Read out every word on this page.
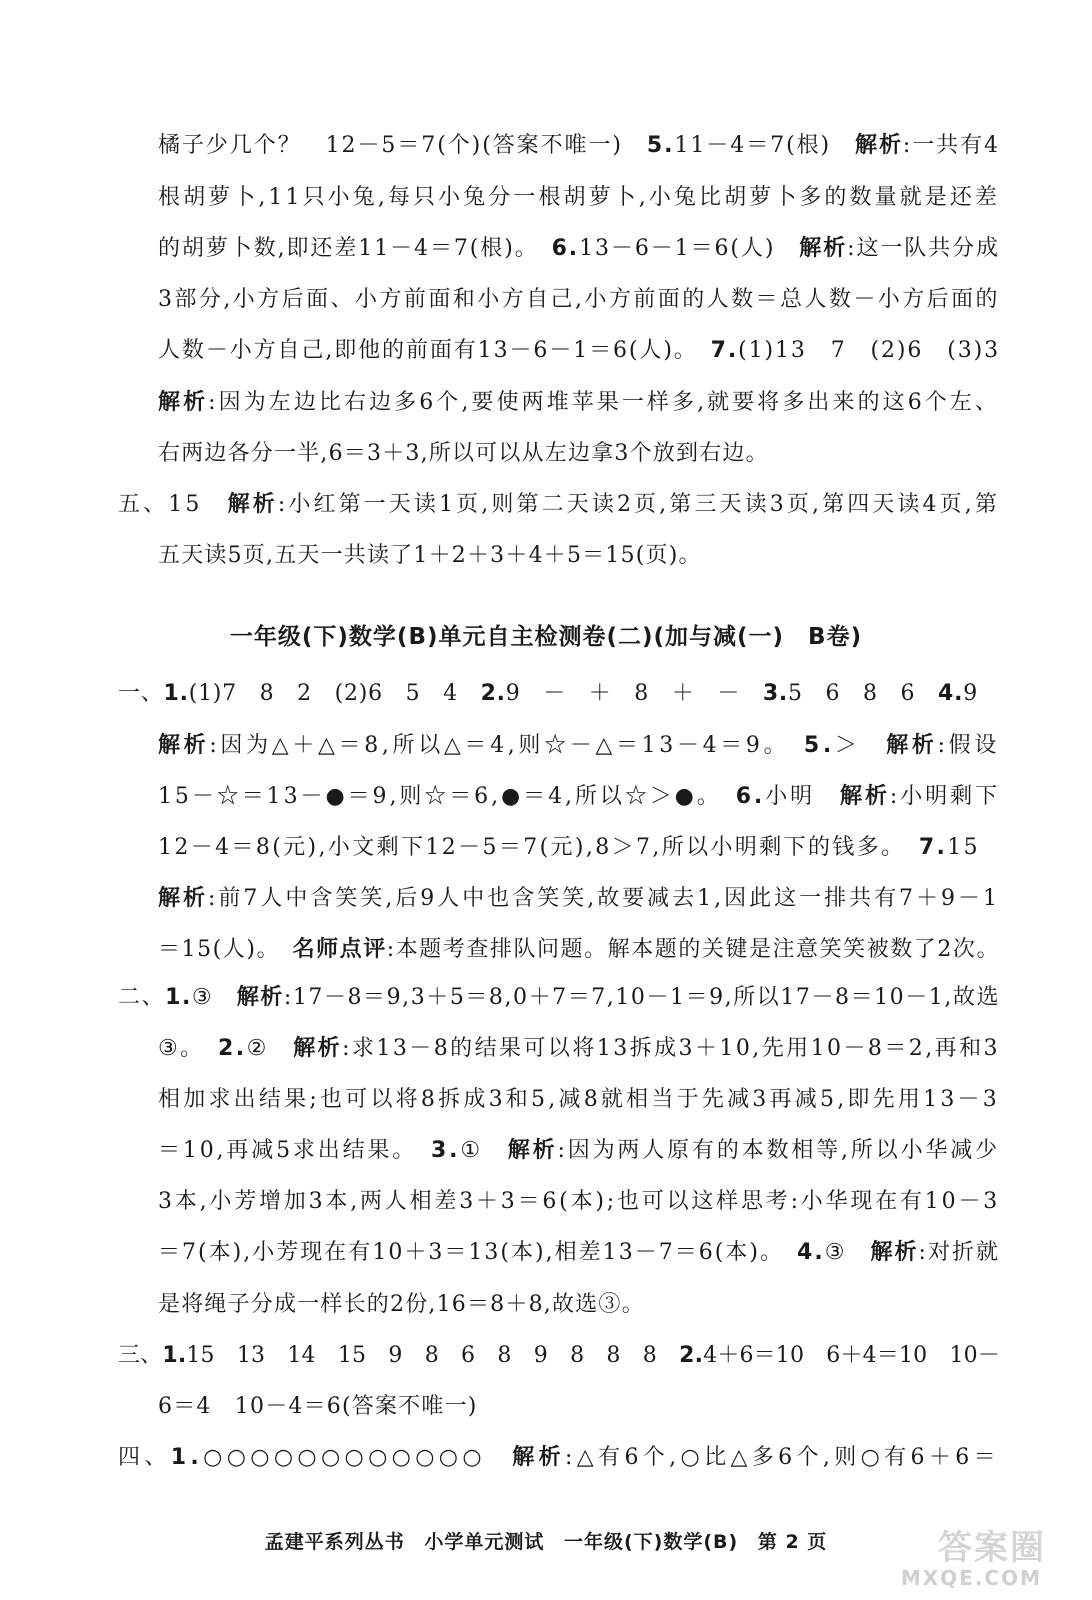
橘子少几个？　12－5＝7(个)(答案不唯一)　5.11－4＝7(根)　解析:一共有4
根胡萝卜,11只小兔,每只小兔分一根胡萝卜,小兔比胡萝卜多的数量就是还差
的胡萝卜数,即还差11－4＝7(根)。　6.13－6－1＝6(人)　解析:这一队共分成
3部分,小方后面、小方前面和小方自己,小方前面的人数＝总人数－小方后面的
人数－小方自己,即他的前面有13－6－1＝6(人)。　7.(1)13　7　(2)6　(3)3
解析:因为左边比右边多6个,要使两堆苹果一样多,就要将多出来的这6个左、
右两边各分一半,6＝3＋3,所以可以从左边拿3个放到右边。
五、15　解析:小红第一天读1页,则第二天读2页,第三天读3页,第四天读4页,第
五天读5页,五天一共读了1＋2＋3＋4＋5＝15(页)。
一、1.(1)7　8　2　(2)6　5　4　2.9　－　＋　8　＋　－　3.5　6　8　6　4.9
解析:因为△＋△＝8,所以△＝4,则☆－△＝13－4＝9。　5.＞　解析:假设
15－☆＝13－●＝9,则☆＝6,●＝4,所以☆＞●。　6.小明　解析:小明剩下
12－4＝8(元),小文剩下12－5＝7(元),8＞7,所以小明剩下的钱多。　7.15
解析:前7人中含笑笑,后9人中也含笑笑,故要减去1,因此这一排共有7＋9－1
＝15(人)。　名师点评:本题考查排队问题。解本题的关键是注意笑笑被数了2次。
二、1.③　解析:17－8＝9,3＋5＝8,0＋7＝7,10－1＝9,所以17－8＝10－1,故选
③。　2.②　解析:求13－8的结果可以将13拆成3＋10,先用10－8＝2,再和3
相加求出结果;也可以将8拆成3和5,减8就相当于先减3再减5,即先用13－3
＝10,再减5求出结果。　3.①　解析:因为两人原有的本数相等,所以小华减少
3本,小芳增加3本,两人相差3＋3＝6(本);也可以这样思考:小华现在有10－3
＝7(本),小芳现在有10＋3＝13(本),相差13－7＝6(本)。　4.③　解析:对折就
是将绳子分成一样长的2份,16＝8＋8,故选③。
三、1.15　13　14　15　9　8　6　8　9　8　8　8　2.4＋6＝10　6＋4＝10　10－
6＝4　10－4＝6(答案不唯一)
四、1.○○○○○○○○○○○○　解析:△有6个,○比△多6个,则○有6＋6＝
一年级(下)数学(B)单元自主检测卷(二)(加与减(一)　B卷)
孟建平系列丛书 小学单元测试 一年级(下)数学(B) 第 2 页	答案圈
MXQE.COM
